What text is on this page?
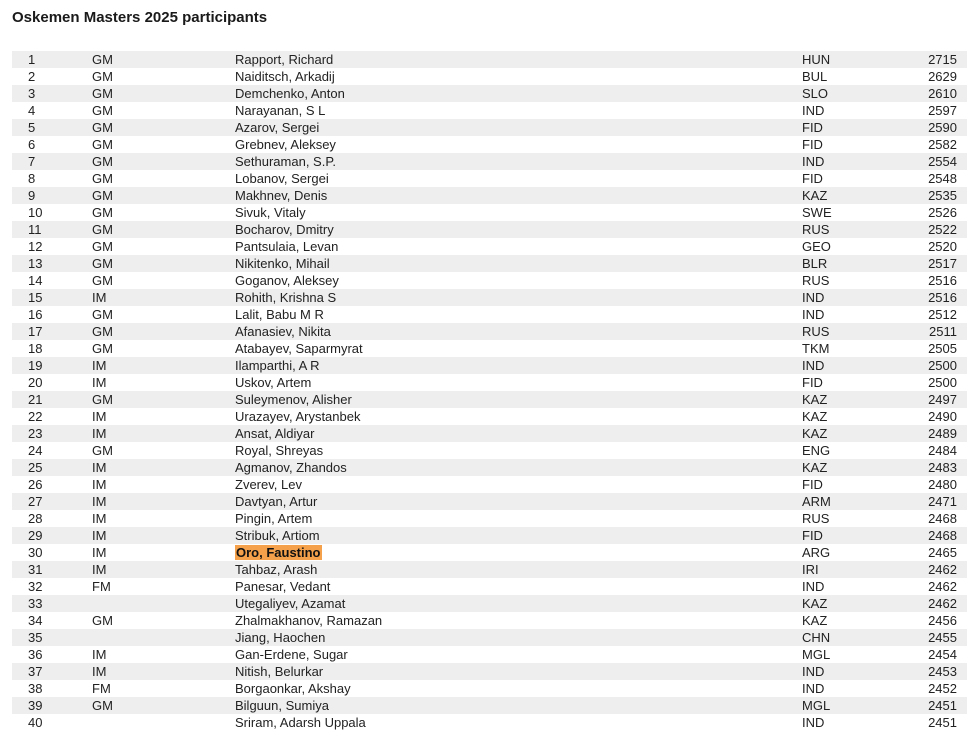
Oskemen Masters 2025 participants
1	GM	Rapport, Richard	HUN	2715
2	GM	Naiditsch, Arkadij	BUL	2629
3	GM	Demchenko, Anton	SLO	2610
4	GM	Narayanan, S L	IND	2597
5	GM	Azarov, Sergei	FID	2590
6	GM	Grebnev, Aleksey	FID	2582
7	GM	Sethuraman, S.P.	IND	2554
8	GM	Lobanov, Sergei	FID	2548
9	GM	Makhnev, Denis	KAZ	2535
10	GM	Sivuk, Vitaly	SWE	2526
11	GM	Bocharov, Dmitry	RUS	2522
12	GM	Pantsulaia, Levan	GEO	2520
13	GM	Nikitenko, Mihail	BLR	2517
14	GM	Goganov, Aleksey	RUS	2516
15	IM	Rohith, Krishna S	IND	2516
16	GM	Lalit, Babu M R	IND	2512
17	GM	Afanasiev, Nikita	RUS	2511
18	GM	Atabayev, Saparmyrat	TKM	2505
19	IM	Ilamparthi, A R	IND	2500
20	IM	Uskov, Artem	FID	2500
21	GM	Suleymenov, Alisher	KAZ	2497
22	IM	Urazayev, Arystanbek	KAZ	2490
23	IM	Ansat, Aldiyar	KAZ	2489
24	GM	Royal, Shreyas	ENG	2484
25	IM	Agmanov, Zhandos	KAZ	2483
26	IM	Zverev, Lev	FID	2480
27	IM	Davtyan, Artur	ARM	2471
28	IM	Pingin, Artem	RUS	2468
29	IM	Stribuk, Artiom	FID	2468
30	IM	Oro, Faustino	ARG	2465
31	IM	Tahbaz, Arash	IRI	2462
32	FM	Panesar, Vedant	IND	2462
33		Utegaliyev, Azamat	KAZ	2462
34	GM	Zhalmakhanov, Ramazan	KAZ	2456
35		Jiang, Haochen	CHN	2455
36	IM	Gan-Erdene, Sugar	MGL	2454
37	IM	Nitish, Belurkar	IND	2453
38	FM	Borgaonkar, Akshay	IND	2452
39	GM	Bilguun, Sumiya	MGL	2451
40		Sriram, Adarsh Uppala	IND	2451
